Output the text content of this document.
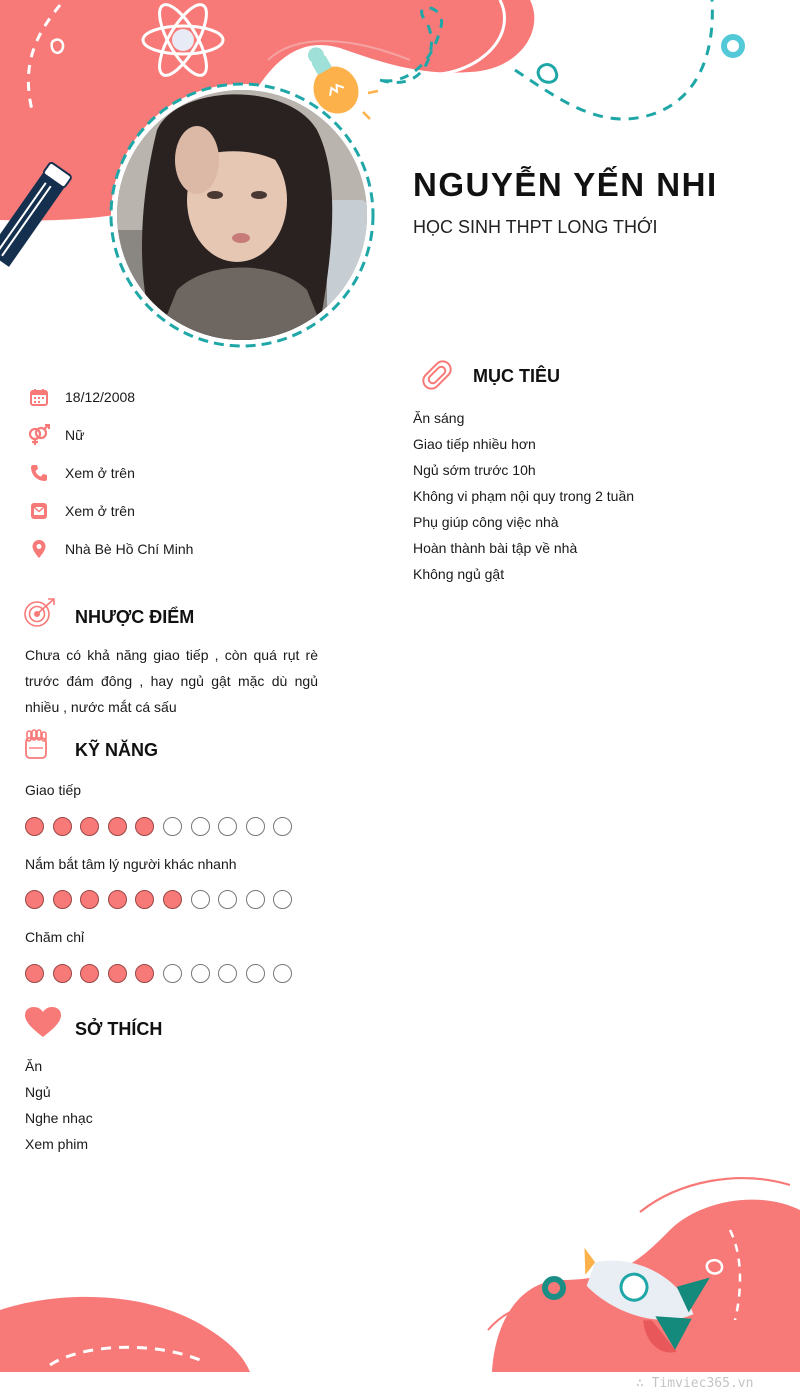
NGUYỄN YẾN NHI
HỌC SINH THPT LONG THỚI
18/12/2008
Nữ
Xem ở trên
Xem ở trên
Nhà Bè Hồ Chí Minh
NHƯỢC ĐIỂM
Chưa có khả năng giao tiếp , còn quá rụt rè trước đám đông , hay ngủ gật mặc dù ngủ nhiều , nước mắt cá sấu
KỸ NĂNG
Giao tiếp
Nắm bắt tâm lý người khác nhanh
Chăm chỉ
SỞ THÍCH
Ăn
Ngủ
Nghe nhạc
Xem phim
MỤC TIÊU
Ăn sáng
Giao tiếp nhiều hơn
Ngủ sớm trước 10h
Không vi phạm nội quy trong 2 tuần
Phụ giúp công việc nhà
Hoàn thành bài tập về nhà
Không ngủ gật
∴ Timviec365.vn
